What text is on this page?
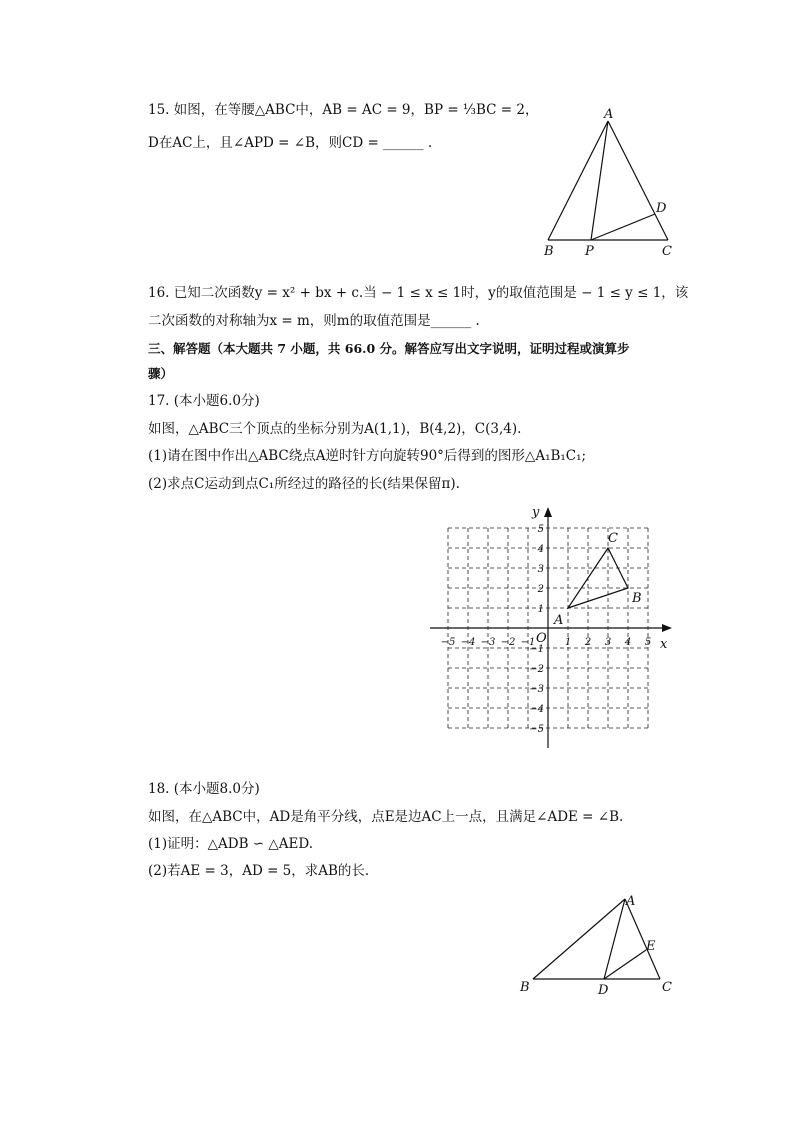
15. 如图，在等腰△ABC中，AB = AC = 9，BP = ⅓BC = 2，
D在AC上，且∠APD = ∠B，则CD = ______ .
16. 已知二次函数y = x² + bx + c.当 − 1 ≤ x ≤ 1时，y的取值范围是 − 1 ≤ y ≤ 1，该
二次函数的对称轴为x = m，则m的取值范围是______ .
三、解答题（本大题共 7 小题，共 66.0 分。解答应写出文字说明，证明过程或演算步
骤）
17. (本小题6.0分)
如图，△ABC三个顶点的坐标分别为A(1,1)，B(4,2)，C(3,4).
(1)请在图中作出△ABC绕点A逆时针方向旋转90°后得到的图形△A₁B₁C₁;
(2)求点C运动到点C₁所经过的路径的长(结果保留π).
18. (本小题8.0分)
如图，在△ABC中，AD是角平分线，点E是边AC上一点，且满足∠ADE = ∠B.
(1)证明：△ADB ∽ △AED.
(2)若AE = 3，AD = 5，求AB的长.
A
B P	C
D
x
y
O
−5 −4 −3 −2 −1	1 2 3 4 5
5
4
3
2
1
−1
−2
−3
−4
−5
A
B
C
A
B	D
E
C
